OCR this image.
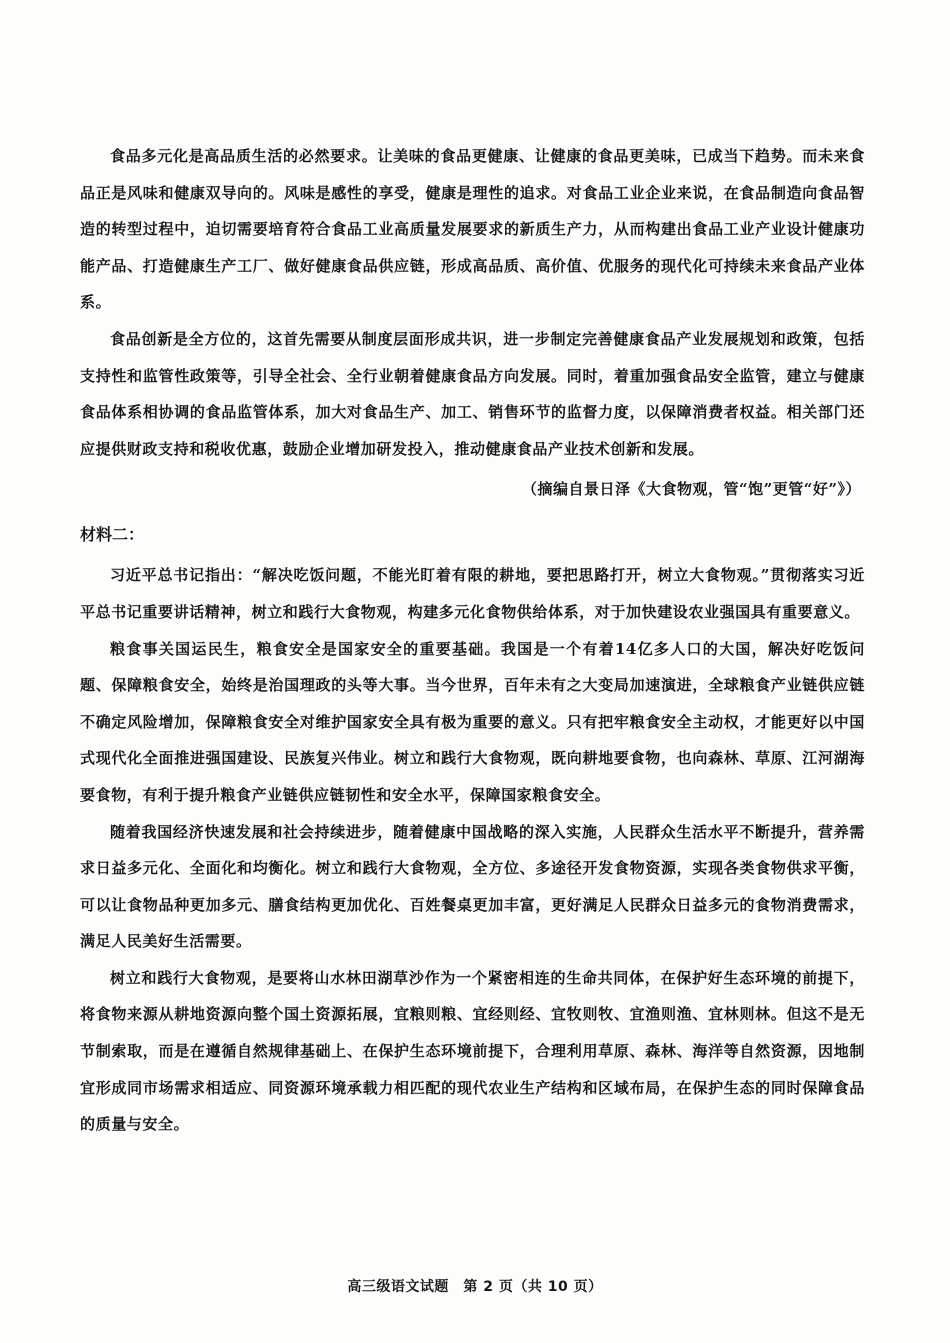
食品多元化是高品质生活的必然要求。让美味的食品更健康、让健康的食品更美味，已成当下趋势。而未来食品正是风味和健康双导向的。风味是感性的享受，健康是理性的追求。对食品工业企业来说，在食品制造向食品智造的转型过程中，迫切需要培育符合食品工业高质量发展要求的新质生产力，从而构建出食品工业产业设计健康功能产品、打造健康生产工厂、做好健康食品供应链，形成高品质、高价值、优服务的现代化可持续未来食品产业体系。

食品创新是全方位的，这首先需要从制度层面形成共识，进一步制定完善健康食品产业发展规划和政策，包括支持性和监管性政策等，引导全社会、全行业朝着健康食品方向发展。同时，着重加强食品安全监管，建立与健康食品体系相协调的食品监管体系，加大对食品生产、加工、销售环节的监督力度，以保障消费者权益。相关部门还应提供财政支持和税收优惠，鼓励企业增加研发投入，推动健康食品产业技术创新和发展。

（摘编自景日泽《大食物观，管“饱”更管“好”》）
材料二：

习近平总书记指出：“解决吃饭问题，不能光盯着有限的耕地，要把思路打开，树立大食物观。”贯彻落实习近平总书记重要讲话精神，树立和践行大食物观，构建多元化食物供给体系，对于加快建设农业强国具有重要意义。

粮食事关国运民生，粮食安全是国家安全的重要基础。我国是一个有着14亿多人口的大国，解决好吃饭问题、保障粮食安全，始终是治国理政的头等大事。当今世界，百年未有之大变局加速演进，全球粮食产业链供应链不确定风险增加，保障粮食安全对维护国家安全具有极为重要的意义。只有把牢粮食安全主动权，才能更好以中国式现代化全面推进强国建设、民族复兴伟业。树立和践行大食物观，既向耕地要食物，也向森林、草原、江河湖海要食物，有利于提升粮食产业链供应链韧性和安全水平，保障国家粮食安全。

随着我国经济快速发展和社会持续进步，随着健康中国战略的深入实施，人民群众生活水平不断提升，营养需求日益多元化、全面化和均衡化。树立和践行大食物观，全方位、多途径开发食物资源，实现各类食物供求平衡，可以让食物品种更加多元、膳食结构更加优化、百姓餐桌更加丰富，更好满足人民群众日益多元的食物消费需求，满足人民美好生活需要。

树立和践行大食物观，是要将山水林田湖草沙作为一个紧密相连的生命共同体，在保护好生态环境的前提下，将食物来源从耕地资源向整个国土资源拓展，宜粮则粮、宜经则经、宜牧则牧、宜渔则渔、宜林则林。但这不是无节制索取，而是在遵循自然规律基础上、在保护生态环境前提下，合理利用草原、森林、海洋等自然资源，因地制宜形成同市场需求相适应、同资源环境承载力相匹配的现代农业生产结构和区域布局，在保护生态的同时保障食品的质量与安全。

高三级语文试题　第 2 页（共 10 页）
